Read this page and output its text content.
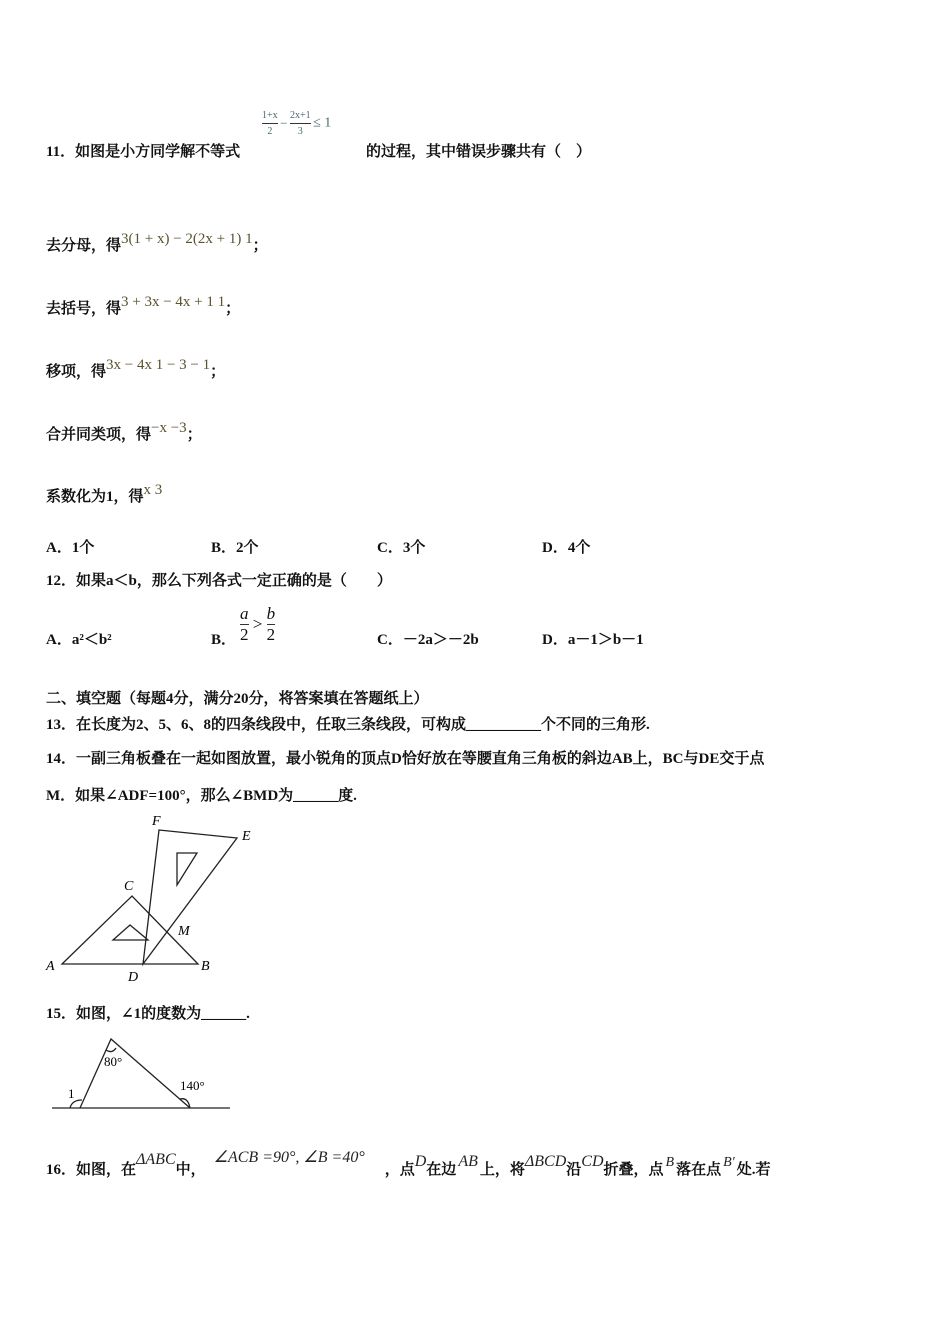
$\frac{1+x}{2} - \frac{2x+1}{3} \le 1$
11．如图是小方同学解不等式	的过程，其中错误步骤共有（　）
去分母，得3(1 + x) − 2(2x + 1) 1；
去括号，得3 + 3x − 4x + 1 1；
移项，得3x − 4x 1 − 3 − 1；
合并同类项，得−x −3；
系数化为1，得x 3
A．1个	B．2个	C．3个	D．4个
12．如果a＜b，那么下列各式一定正确的是（　　）
A．a²＜b²	B． $\frac{a}{2} > \frac{b}{2}$	C．－2a＞－2b	D．a－1＞b－1
二、填空题（每题4分，满分20分，将答案填在答题纸上）
13．在长度为2、5、6、8的四条线段中，任取三条线段，可构成__________个不同的三角形.
14．一副三角板叠在一起如图放置，最小锐角的顶点D恰好放在等腰直角三角板的斜边AB上，BC与DE交于点
M．如果∠ADF=100°，那么∠BMD为______度.
F
E
C
M
A
D
B
80°
1
140°
15．如图，∠1的度数为______.
16．如图，在ΔABC中，∠ACB =90°, ∠B =40°，点D在边 AB 上，将ΔBCD沿CD折叠，点 B 落在点 B′ 处.若
